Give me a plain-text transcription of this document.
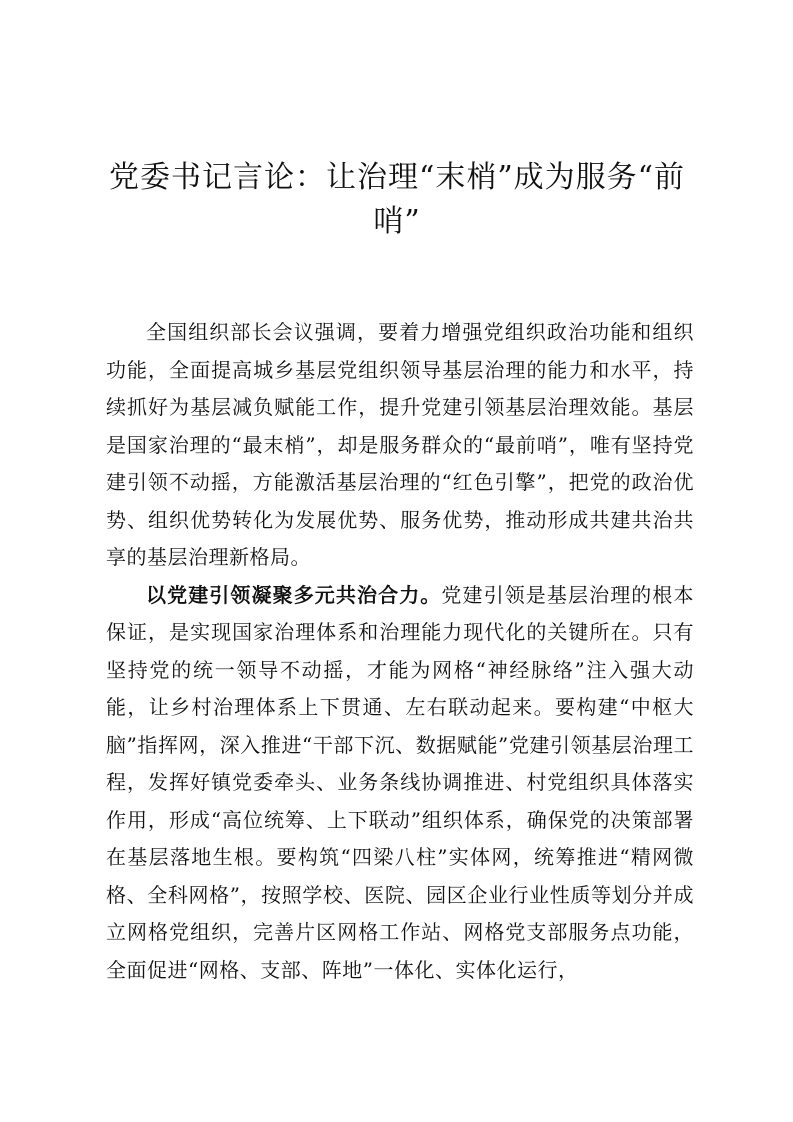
党委书记言论：让治理“末梢”成为服务“前哨”

全国组织部长会议强调，要着力增强党组织政治功能和组织功能，全面提高城乡基层党组织领导基层治理的能力和水平，持续抓好为基层减负赋能工作，提升党建引领基层治理效能。基层是国家治理的“最末梢”，却是服务群众的“最前哨”，唯有坚持党建引领不动摇，方能激活基层治理的“红色引擎”，把党的政治优势、组织优势转化为发展优势、服务优势，推动形成共建共治共享的基层治理新格局。

以党建引领凝聚多元共治合力。党建引领是基层治理的根本保证，是实现国家治理体系和治理能力现代化的关键所在。只有坚持党的统一领导不动摇，才能为网格“神经脉络”注入强大动能，让乡村治理体系上下贯通、左右联动起来。要构建“中枢大脑”指挥网，深入推进“干部下沉、数据赋能”党建引领基层治理工程，发挥好镇党委牵头、业务条线协调推进、村党组织具体落实作用，形成“高位统筹、上下联动”组织体系，确保党的决策部署在基层落地生根。要构筑“四梁八柱”实体网，统筹推进“精网微格、全科网格”，按照学校、医院、园区企业行业性质等划分并成立网格党组织，完善片区网格工作站、网格党支部服务点功能，全面促进“网格、支部、阵地”一体化、实体化运行，
